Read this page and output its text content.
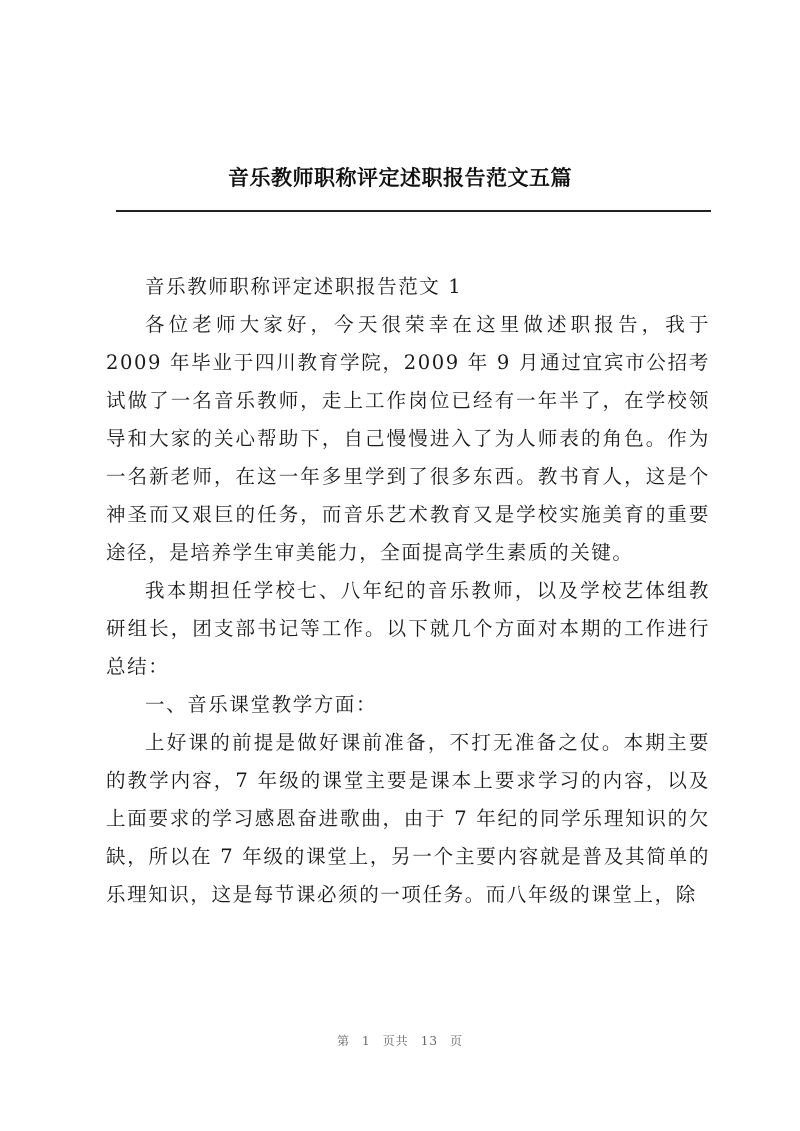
音乐教师职称评定述职报告范文五篇

音乐教师职称评定述职报告范文 1

各位老师大家好，今天很荣幸在这里做述职报告，我于 2009 年毕业于四川教育学院，2009 年 9 月通过宜宾市公招考试做了一名音乐教师，走上工作岗位已经有一年半了，在学校领导和大家的关心帮助下，自己慢慢进入了为人师表的角色。作为一名新老师，在这一年多里学到了很多东西。教书育人，这是个神圣而又艰巨的任务，而音乐艺术教育又是学校实施美育的重要途径，是培养学生审美能力，全面提高学生素质的关键。

我本期担任学校七、八年纪的音乐教师，以及学校艺体组教研组长，团支部书记等工作。以下就几个方面对本期的工作进行总结：

一、音乐课堂教学方面：

上好课的前提是做好课前准备，不打无准备之仗。本期主要的教学内容，7 年级的课堂主要是课本上要求学习的内容，以及上面要求的学习感恩奋进歌曲，由于 7 年纪的同学乐理知识的欠缺，所以在 7 年级的课堂上，另一个主要内容就是普及其简单的乐理知识，这是每节课必须的一项任务。而八年级的课堂上，除

第 1 页共 13 页
